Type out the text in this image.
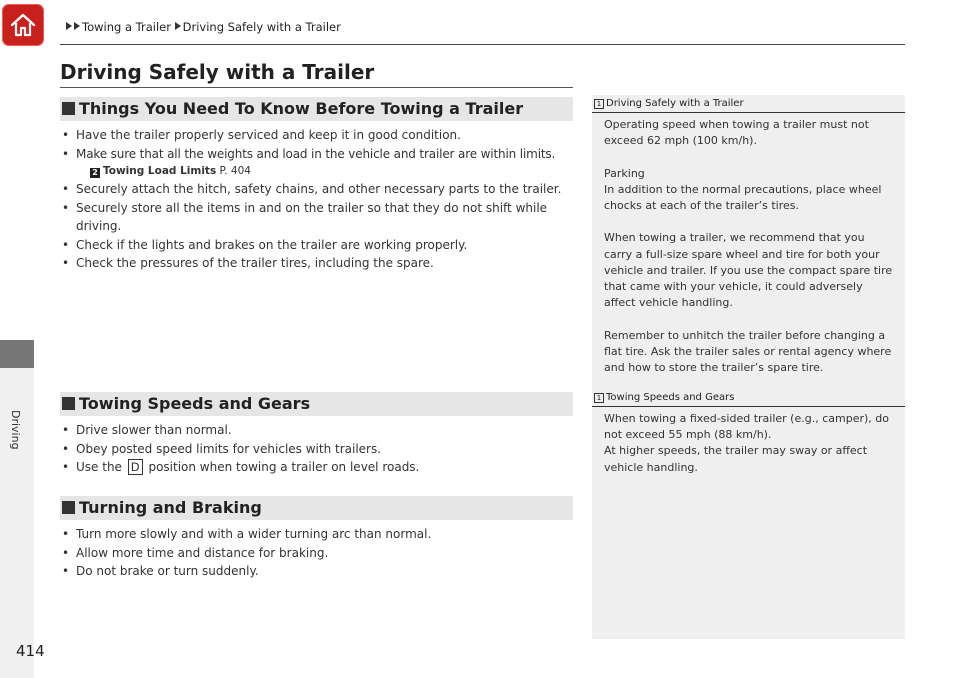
Towing a Trailer Driving Safely with a Trailer
Driving
414
Driving Safely with a Trailer
Things You Need To Know Before Towing a Trailer
• Have the trailer properly serviced and keep it in good condition.
• Make sure that all the weights and load in the vehicle and trailer are within limits.
2 Towing Load Limits P. 404
• Securely attach the hitch, safety chains, and other necessary parts to the trailer.
• Securely store all the items in and on the trailer so that they do not shift while driving.
• Check if the lights and brakes on the trailer are working properly.
• Check the pressures of the trailer tires, including the spare.
Towing Speeds and Gears
• Drive slower than normal.
• Obey posted speed limits for vehicles with trailers.
• Use the D position when towing a trailer on level roads.
Turning and Braking
• Turn more slowly and with a wider turning arc than normal.
• Allow more time and distance for braking.
• Do not brake or turn suddenly.
1 Driving Safely with a Trailer

Operating speed when towing a trailer must not exceed 62 mph (100 km/h).

Parking

In addition to the normal precautions, place wheel chocks at each of the trailer’s tires.

When towing a trailer, we recommend that you carry a full-size spare wheel and tire for both your vehicle and trailer. If you use the compact spare tire that came with your vehicle, it could adversely affect vehicle handling.

Remember to unhitch the trailer before changing a flat tire. Ask the trailer sales or rental agency where and how to store the trailer’s spare tire.

1 Towing Speeds and Gears

When towing a fixed-sided trailer (e.g., camper), do not exceed 55 mph (88 km/h).

At higher speeds, the trailer may sway or affect vehicle handling.
